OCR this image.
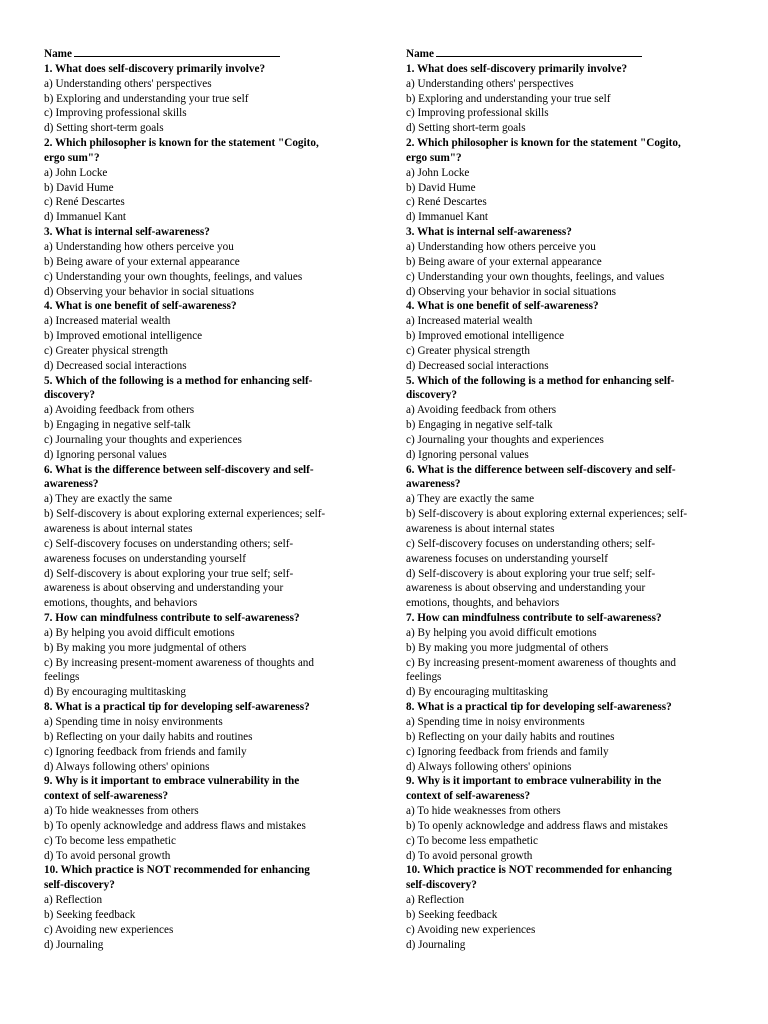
Name
1. What does self-discovery primarily involve?
a) Understanding others' perspectives
b) Exploring and understanding your true self
c) Improving professional skills
d) Setting short-term goals
2. Which philosopher is known for the statement "Cogito,
ergo sum"?
a) John Locke
b) David Hume
c) René Descartes
d) Immanuel Kant
3. What is internal self-awareness?
a) Understanding how others perceive you
b) Being aware of your external appearance
c) Understanding your own thoughts, feelings, and values
d) Observing your behavior in social situations
4. What is one benefit of self-awareness?
a) Increased material wealth
b) Improved emotional intelligence
c) Greater physical strength
d) Decreased social interactions
5. Which of the following is a method for enhancing self-
discovery?
a) Avoiding feedback from others
b) Engaging in negative self-talk
c) Journaling your thoughts and experiences
d) Ignoring personal values
6. What is the difference between self-discovery and self-
awareness?
a) They are exactly the same
b) Self-discovery is about exploring external experiences; self-
awareness is about internal states
c) Self-discovery focuses on understanding others; self-
awareness focuses on understanding yourself
d) Self-discovery is about exploring your true self; self-
awareness is about observing and understanding your
emotions, thoughts, and behaviors
7. How can mindfulness contribute to self-awareness?
a) By helping you avoid difficult emotions
b) By making you more judgmental of others
c) By increasing present-moment awareness of thoughts and
feelings
d) By encouraging multitasking
8. What is a practical tip for developing self-awareness?
a) Spending time in noisy environments
b) Reflecting on your daily habits and routines
c) Ignoring feedback from friends and family
d) Always following others' opinions
9. Why is it important to embrace vulnerability in the
context of self-awareness?
a) To hide weaknesses from others
b) To openly acknowledge and address flaws and mistakes
c) To become less empathetic
d) To avoid personal growth
10. Which practice is NOT recommended for enhancing
self-discovery?
a) Reflection
b) Seeking feedback
c) Avoiding new experiences
d) Journaling
Name
1. What does self-discovery primarily involve?
a) Understanding others' perspectives
b) Exploring and understanding your true self
c) Improving professional skills
d) Setting short-term goals
2. Which philosopher is known for the statement "Cogito,
ergo sum"?
a) John Locke
b) David Hume
c) René Descartes
d) Immanuel Kant
3. What is internal self-awareness?
a) Understanding how others perceive you
b) Being aware of your external appearance
c) Understanding your own thoughts, feelings, and values
d) Observing your behavior in social situations
4. What is one benefit of self-awareness?
a) Increased material wealth
b) Improved emotional intelligence
c) Greater physical strength
d) Decreased social interactions
5. Which of the following is a method for enhancing self-
discovery?
a) Avoiding feedback from others
b) Engaging in negative self-talk
c) Journaling your thoughts and experiences
d) Ignoring personal values
6. What is the difference between self-discovery and self-
awareness?
a) They are exactly the same
b) Self-discovery is about exploring external experiences; self-
awareness is about internal states
c) Self-discovery focuses on understanding others; self-
awareness focuses on understanding yourself
d) Self-discovery is about exploring your true self; self-
awareness is about observing and understanding your
emotions, thoughts, and behaviors
7. How can mindfulness contribute to self-awareness?
a) By helping you avoid difficult emotions
b) By making you more judgmental of others
c) By increasing present-moment awareness of thoughts and
feelings
d) By encouraging multitasking
8. What is a practical tip for developing self-awareness?
a) Spending time in noisy environments
b) Reflecting on your daily habits and routines
c) Ignoring feedback from friends and family
d) Always following others' opinions
9. Why is it important to embrace vulnerability in the
context of self-awareness?
a) To hide weaknesses from others
b) To openly acknowledge and address flaws and mistakes
c) To become less empathetic
d) To avoid personal growth
10. Which practice is NOT recommended for enhancing
self-discovery?
a) Reflection
b) Seeking feedback
c) Avoiding new experiences
d) Journaling
